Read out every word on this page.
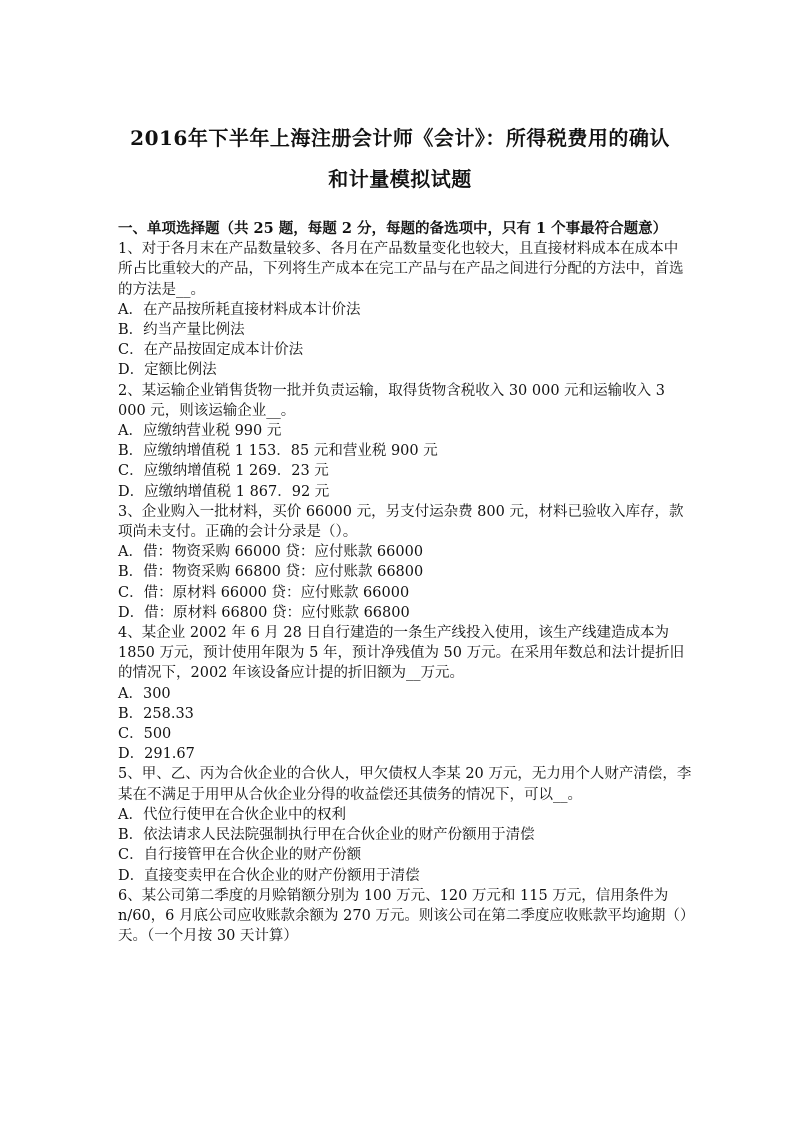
2016年下半年上海注册会计师《会计》：所得税费用的确认
和计量模拟试题

一、单项选择题（共 25 题，每题 2 分，每题的备选项中，只有 1 个事最符合题意）

1、对于各月末在产品数量较多、各月在产品数量变化也较大，且直接材料成本在成本中所占比重较大的产品，下列将生产成本在完工产品与在产品之间进行分配的方法中，首选的方法是__。

A．在产品按所耗直接材料成本计价法

B．约当产量比例法

C．在产品按固定成本计价法

D．定额比例法

2、某运输企业销售货物一批并负责运输，取得货物含税收入 30 000 元和运输收入 3 000 元，则该运输企业__。

A．应缴纳营业税 990 元

B．应缴纳增值税 1 153．85 元和营业税 900 元

C．应缴纳增值税 1 269．23 元

D．应缴纳增值税 1 867．92 元

3、企业购入一批材料，买价 66000 元，另支付运杂费 800 元，材料已验收入库存，款项尚未支付。正确的会计分录是（）。

A．借：物资采购 66000 贷：应付账款 66000

B．借：物资采购 66800 贷：应付账款 66800

C．借：原材料 66000 贷：应付账款 66000

D．借：原材料 66800 贷：应付账款 66800

4、某企业 2002 年 6 月 28 日自行建造的一条生产线投入使用，该生产线建造成本为 1850 万元，预计使用年限为 5 年，预计净残值为 50 万元。在采用年数总和法计提折旧的情况下，2002 年该设备应计提的折旧额为__万元。

A．300

B．258.33

C．500

D．291.67

5、甲、乙、丙为合伙企业的合伙人，甲欠债权人李某 20 万元，无力用个人财产清偿，李某在不满足于用甲从合伙企业分得的收益偿还其债务的情况下，可以__。

A．代位行使甲在合伙企业中的权利

B．依法请求人民法院强制执行甲在合伙企业的财产份额用于清偿

C．自行接管甲在合伙企业的财产份额

D．直接变卖甲在合伙企业的财产份额用于清偿

6、某公司第二季度的月赊销额分别为 100 万元、120 万元和 115 万元，信用条件为 n/60，6 月底公司应收账款余额为 270 万元。则该公司在第二季度应收账款平均逾期（）天。（一个月按 30 天计算）
